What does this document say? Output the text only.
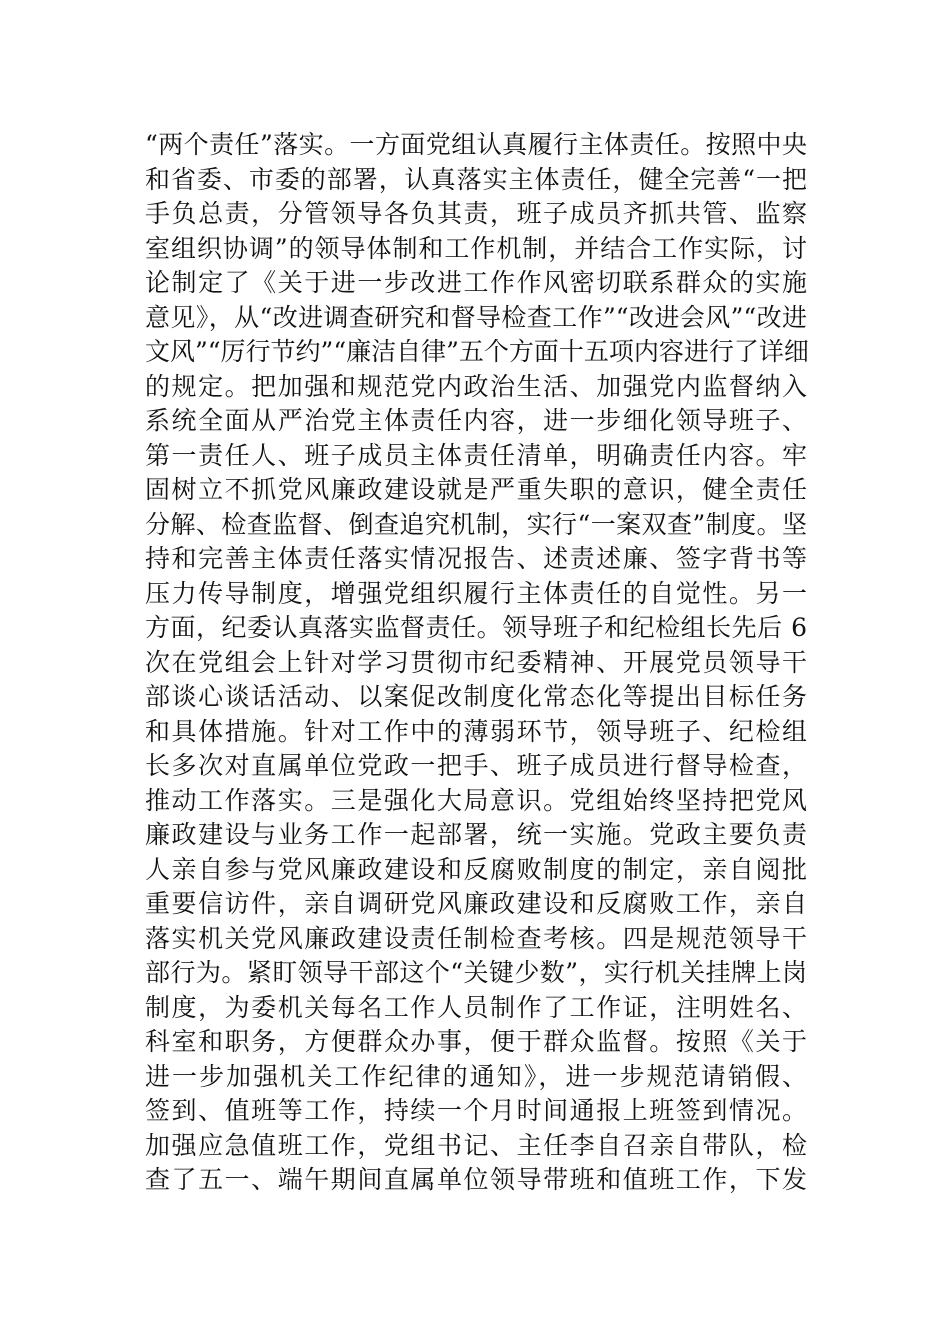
“两个责任”落实。一方面党组认真履行主体责任。按照中央
和省委、市委的部署，认真落实主体责任，健全完善“一把
手负总责，分管领导各负其责，班子成员齐抓共管、监察
室组织协调”的领导体制和工作机制，并结合工作实际，讨
论制定了《关于进一步改进工作作风密切联系群众的实施
意见》，从“改进调查研究和督导检查工作”“改进会风”“改进
文风”“厉行节约”“廉洁自律”五个方面十五项内容进行了详细
的规定。把加强和规范党内政治生活、加强党内监督纳入
系统全面从严治党主体责任内容，进一步细化领导班子、
第一责任人、班子成员主体责任清单，明确责任内容。牢
固树立不抓党风廉政建设就是严重失职的意识，健全责任
分解、检查监督、倒查追究机制，实行“一案双查”制度。坚
持和完善主体责任落实情况报告、述责述廉、签字背书等
压力传导制度，增强党组织履行主体责任的自觉性。另一
方面，纪委认真落实监督责任。领导班子和纪检组长先后 6
次在党组会上针对学习贯彻市纪委精神、开展党员领导干
部谈心谈话活动、以案促改制度化常态化等提出目标任务
和具体措施。针对工作中的薄弱环节，领导班子、纪检组
长多次对直属单位党政一把手、班子成员进行督导检查，
推动工作落实。三是强化大局意识。党组始终坚持把党风
廉政建设与业务工作一起部署，统一实施。党政主要负责
人亲自参与党风廉政建设和反腐败制度的制定，亲自阅批
重要信访件，亲自调研党风廉政建设和反腐败工作，亲自
落实机关党风廉政建设责任制检查考核。四是规范领导干
部行为。紧盯领导干部这个“关键少数”，实行机关挂牌上岗
制度，为委机关每名工作人员制作了工作证，注明姓名、
科室和职务，方便群众办事，便于群众监督。按照《关于
进一步加强机关工作纪律的通知》，进一步规范请销假、
签到、值班等工作，持续一个月时间通报上班签到情况。
加强应急值班工作，党组书记、主任李自召亲自带队，检
查了五一、端午期间直属单位领导带班和值班工作，下发
